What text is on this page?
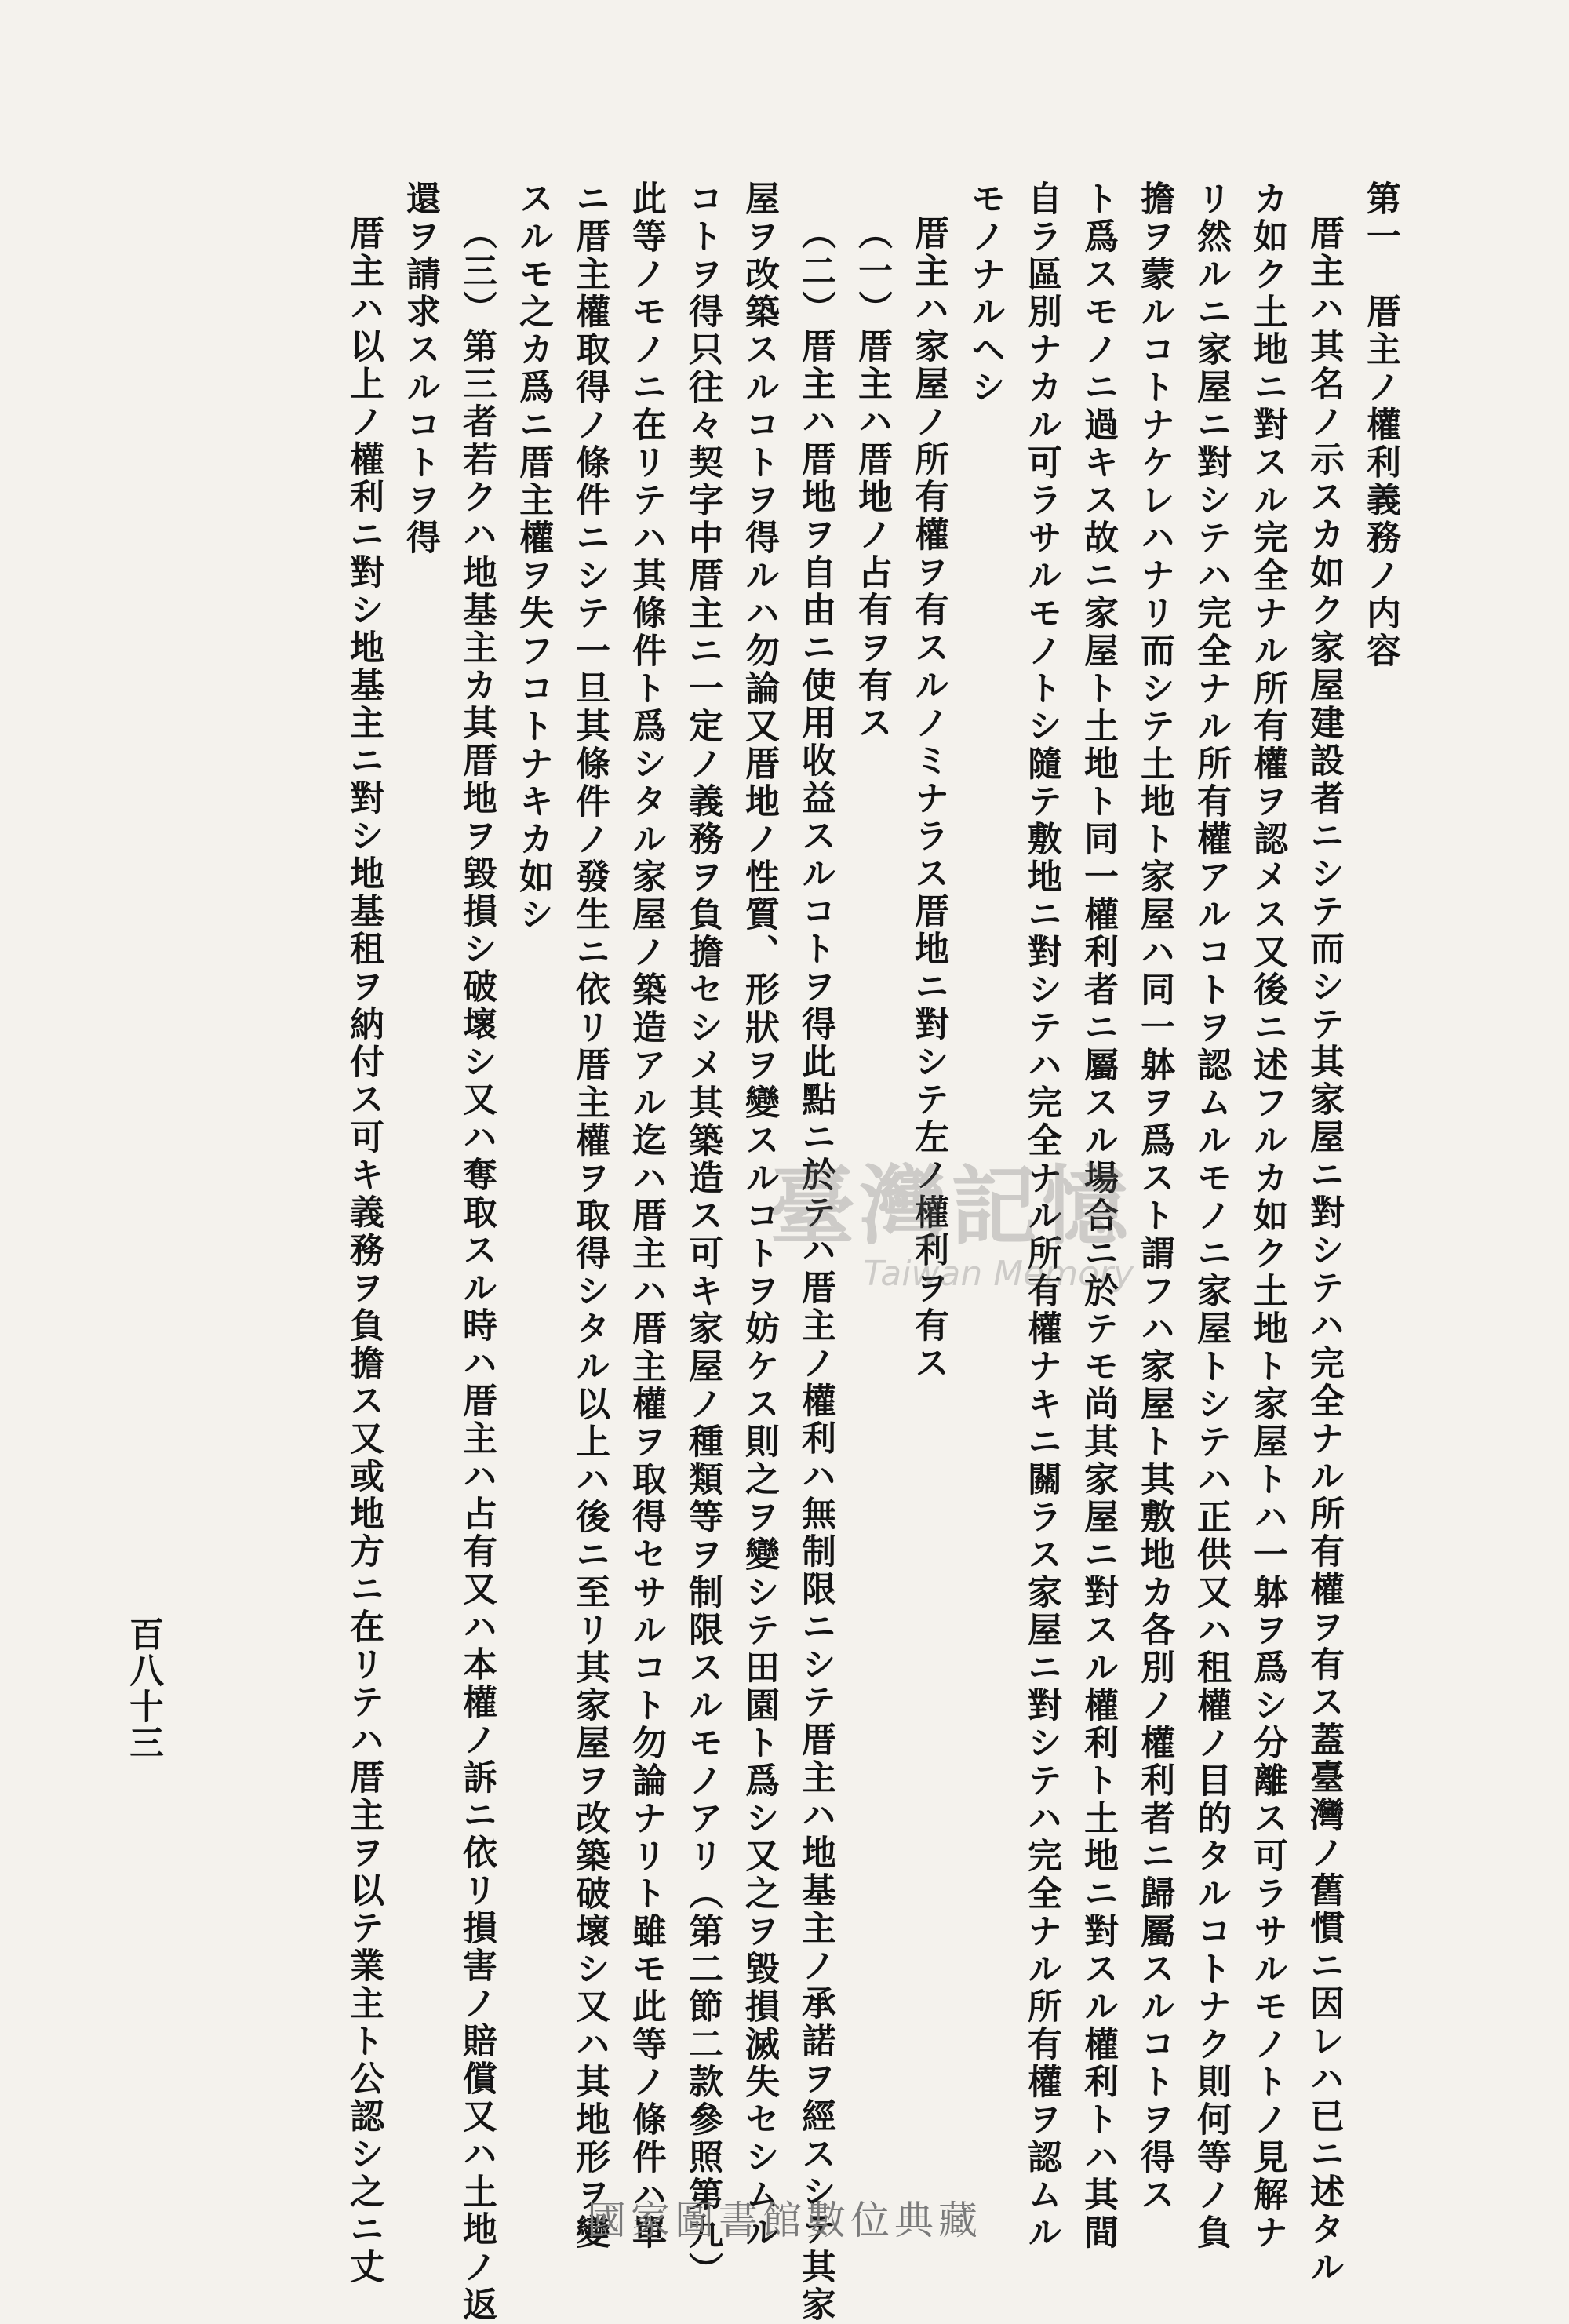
第一　厝主ノ權利義務ノ内容
厝主ハ其名ノ示スカ如ク家屋建設者ニシテ而シテ其家屋ニ對シテハ完全ナル所有權ヲ有ス蓋臺灣ノ舊慣ニ因レハ已ニ述タル
カ如ク土地ニ對スル完全ナル所有權ヲ認メス又後ニ述フルカ如ク土地ト家屋トハ一躰ヲ爲シ分離ス可ラサルモノトノ見解ナ
リ然ルニ家屋ニ對シテハ完全ナル所有權アルコトヲ認ムルモノニ家屋トシテハ正供又ハ租權ノ目的タルコトナク則何等ノ負
擔ヲ蒙ルコトナケレハナリ而シテ土地ト家屋ハ同一躰ヲ爲スト謂フハ家屋ト其敷地カ各別ノ權利者ニ歸屬スルコトヲ得ス
ト爲スモノニ過キス故ニ家屋ト土地ト同一權利者ニ屬スル場合ニ於テモ尚其家屋ニ對スル權利ト土地ニ對スル權利トハ其間
自ラ區別ナカル可ラサルモノトシ隨テ敷地ニ對シテハ完全ナル所有權ナキニ關ラス家屋ニ對シテハ完全ナル所有權ヲ認ムル
モノナルヘシ
厝主ハ家屋ノ所有權ヲ有スルノミナラス厝地ニ對シテ左ノ權利ヲ有ス
（一）厝主ハ厝地ノ占有ヲ有ス
（二）厝主ハ厝地ヲ自由ニ使用收益スルコトヲ得此點ニ於テハ厝主ノ權利ハ無制限ニシテ厝主ハ地基主ノ承諾ヲ經スシテ其家
屋ヲ改築スルコトヲ得ルハ勿論又厝地ノ性質、形狀ヲ變スルコトヲ妨ケス則之ヲ變シテ田園ト爲シ又之ヲ毀損滅失セシムル
コトヲ得只往々契字中厝主ニ一定ノ義務ヲ負擔セシメ其築造ス可キ家屋ノ種類等ヲ制限スルモノアリ（第二節二款參照第九）
此等ノモノニ在リテハ其條件ト爲シタル家屋ノ築造アル迄ハ厝主ハ厝主權ヲ取得セサルコト勿論ナリト雖モ此等ノ條件ハ單
ニ厝主權取得ノ條件ニシテ一旦其條件ノ發生ニ依リ厝主權ヲ取得シタル以上ハ後ニ至リ其家屋ヲ改築破壞シ又ハ其地形ヲ變
スルモ之カ爲ニ厝主權ヲ失フコトナキカ如シ
（三）第三者若クハ地基主カ其厝地ヲ毀損シ破壞シ又ハ奪取スル時ハ厝主ハ占有又ハ本權ノ訴ニ依リ損害ノ賠償又ハ土地ノ返
還ヲ請求スルコトヲ得
厝主ハ以上ノ權利ニ對シ地基主ニ對シ地基租ヲ納付ス可キ義務ヲ負擔ス又或地方ニ在リテハ厝主ヲ以テ業主ト公認シ之ニ丈
百八十三
臺灣記憶
Taiwan Memory
國家圖書館數位典藏
